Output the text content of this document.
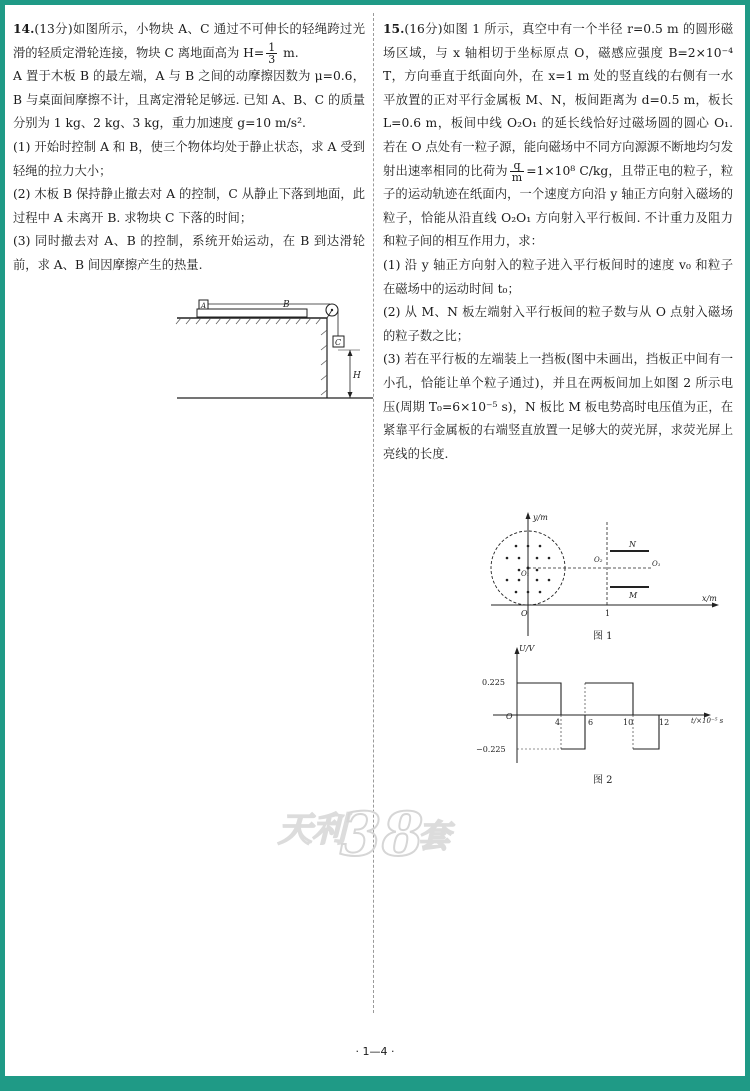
14.(13分)如图所示，小物块 A、C 通过不可伸长的轻绳跨过光滑的轻质定滑轮连接，物块 C 离地面高为 $H= \frac{1}{3} m$.

A 置于木板 B 的最左端，A 与 B 之间的动摩擦因数为 μ=0.6，B 与桌面间摩擦不计，且离定滑轮足够远. 已知 A、B、C 的质量分别为 1 kg、2 kg、3 kg，重力加速度 g=10 m/s².

(1) 开始时控制 A 和 B，使三个物体均处于静止状态，求 A 受到轻绳的拉力大小；

(2) 木板 B 保持静止撤去对 A 的控制，C 从静止下落到地面，此过程中 A 未离开 B. 求物块 C 下落的时间；

(3) 同时撤去对 A、B 的控制，系统开始运动，在 B 到达滑轮前，求 A、B 间因摩擦产生的热量.

A	B
C
H

15.(16分)如图 1 所示，真空中有一个半径 r=0.5 m 的圆形磁场区域，与 x 轴相切于坐标原点 O，磁感应强度 B=2×10⁻⁴ T，方向垂直于纸面向外，在 x=1 m 处的竖直线的右侧有一水平放置的正对平行金属板 M、N，板间距离为 d=0.5 m，板长 L=0.6 m，板间中线 O₂O₁ 的延长线恰好过磁场圆的圆心 O₁. 若在 O 点处有一粒子源，能向磁场中不同方向源源不断地均匀发射出速率相同的比荷为 $\frac{q}{m} =1\times 10^8$ C/kg，且带正电的粒子，粒子的运动轨迹在纸面内，一个速度方向沿 y 轴正方向射入磁场的粒子，恰能从沿直线 O₂O₁ 方向射入平行板间. 不计重力及阻力和粒子间的相互作用力，求：

(1) 沿 y 轴正方向射入的粒子进入平行板间时的速度 v₀ 和粒子在磁场中的运动时间 t₀；

(2) 从 M、N 板左端射入平行板间的粒子数与从 O 点射入磁场的粒子数之比；

(3) 若在平行板的左端装上一挡板(图中未画出，挡板正中间有一小孔，恰能让单个粒子通过)，并且在两板间加上如图 2 所示电压(周期 T₀=6×10⁻⁵ s)，N 板比 M 板电势高时电压值为正，在紧靠平行金属板的右端竖直放置一足够大的荧光屏，求荧光屏上亮线的长度.

y/m
x/m
O
O₁
1
N
M
O₂	O₁
图 1
U/V
t/×10⁻⁵ s
O
0.225
−0.225
4	6	10	12
图 2
天利
38
套
· 1—4 ·
